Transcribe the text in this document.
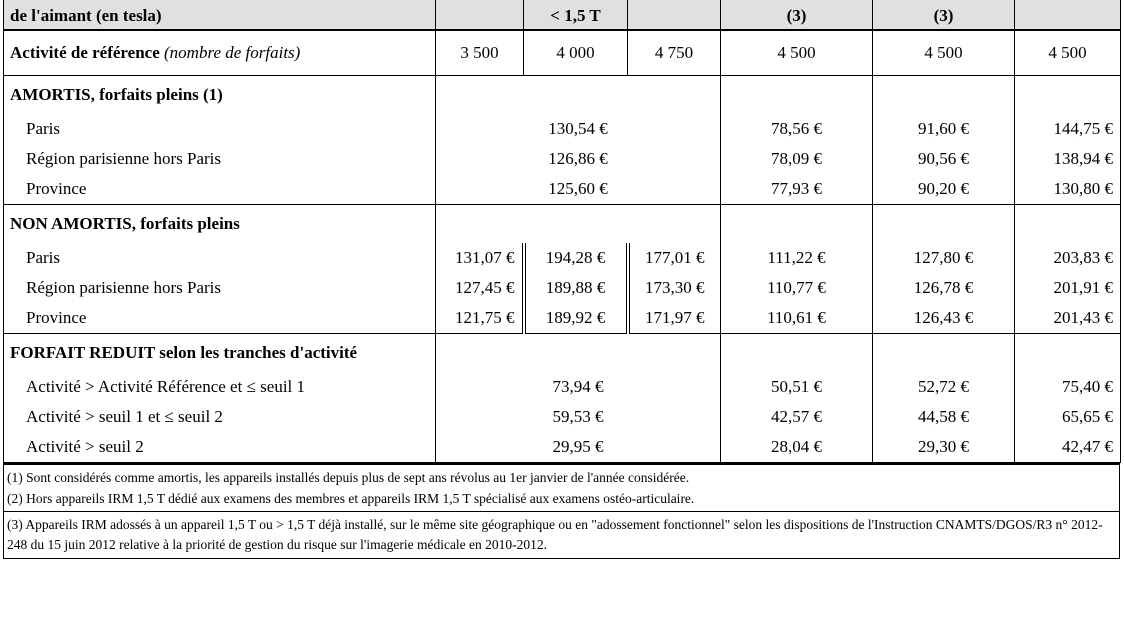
de l'aimant (en tesla)		< 1,5 T		(3)	(3)	
Activité de référence (nombre de forfaits)	3 500	4 000	4 750	4 500	4 500	4 500
AMORTIS, forfaits pleins (1)						
Paris	130,54 €			78,56 €	91,60 €	144,75 €
Région parisienne hors Paris	126,86 €			78,09 €	90,56 €	138,94 €
Province	125,60 €			77,93 €	90,20 €	130,80 €
NON AMORTIS, forfaits pleins						
Paris	131,07 €	194,28 €	177,01 €	111,22 €	127,80 €	203,83 €
Région parisienne hors Paris	127,45 €	189,88 €	173,30 €	110,77 €	126,78 €	201,91 €
Province	121,75 €	189,92 €	171,97 €	110,61 €	126,43 €	201,43 €
FORFAIT REDUIT selon les tranches d'activité						
Activité > Activité Référence et ≤ seuil 1	73,94 €			50,51 €	52,72 €	75,40 €
Activité > seuil 1 et ≤ seuil 2	59,53 €			42,57 €	44,58 €	65,65 €
Activité > seuil 2	29,95 €			28,04 €	29,30 €	42,47 €
(1) Sont considérés comme amortis, les appareils installés depuis plus de sept ans révolus au 1er janvier de l'année considérée.
(2) Hors appareils IRM 1,5 T dédié aux examens des membres et appareils IRM 1,5 T spécialisé aux examens ostéo-articulaire.
(3) Appareils IRM adossés à un appareil 1,5 T ou > 1,5 T déjà installé, sur le même site géographique ou en "adossement fonctionnel" selon les dispositions de l'Instruction CNAMTS/DGOS/R3 n° 2012-248 du 15 juin 2012 relative à la priorité de gestion du risque sur l'imagerie médicale en 2010-2012.
